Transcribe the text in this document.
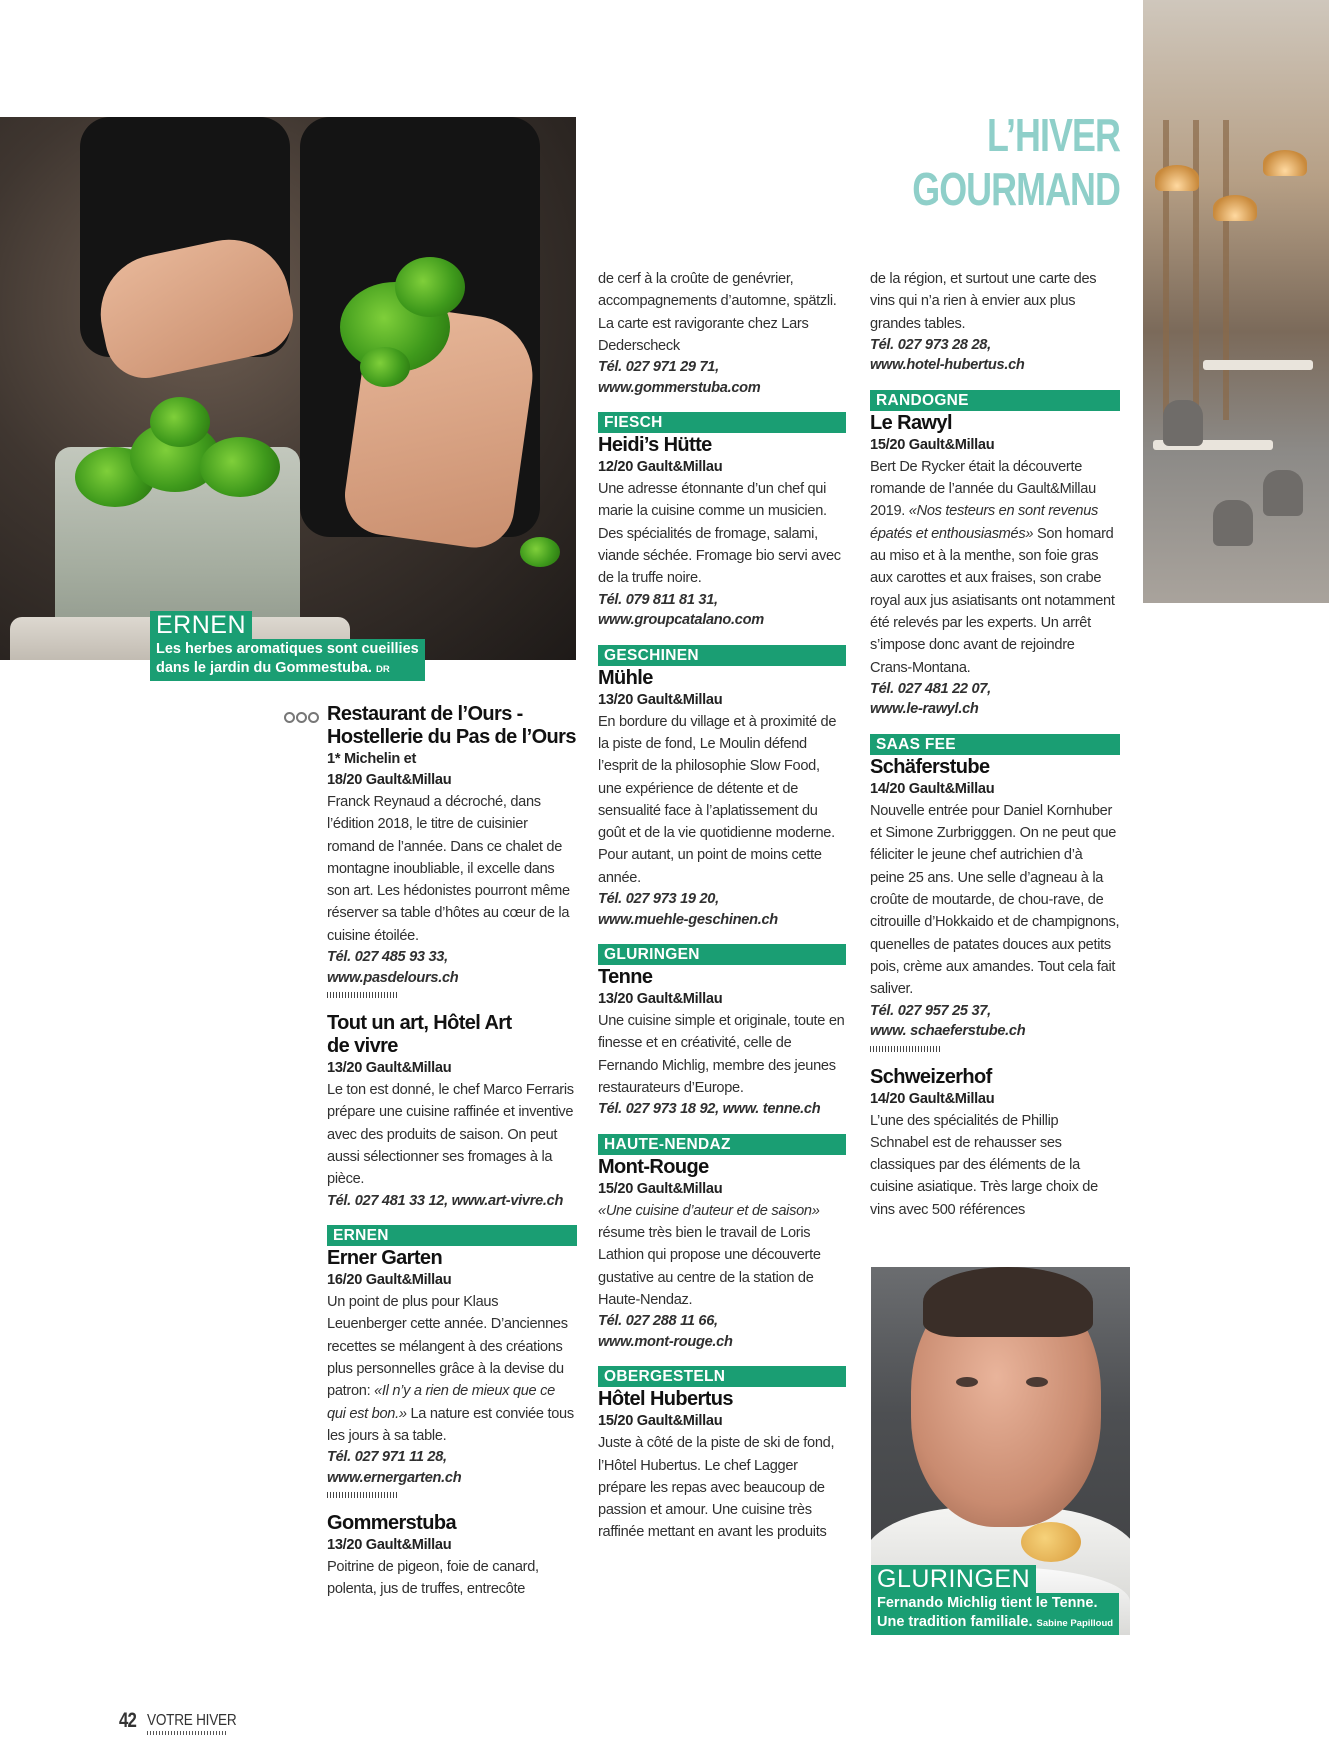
L’HIVER GOURMAND
ERNEN
Les herbes aromatiques sont cueillies
dans le jardin du Gommestuba. DR
GLURINGEN
Fernando Michlig tient le Tenne.
Une tradition familiale. Sabine Papilloud
Restaurant de l’Ours -
Hostellerie du Pas de l’Ours
1* Michelin et
18/20 Gault&Millau
Franck Reynaud a décroché, dans l’édition 2018, le titre de cuisinier romand de l’année. Dans ce chalet de montagne inoubliable, il excelle dans son art. Les hédonistes pourront même réserver sa table d’hôtes au cœur de la cuisine étoilée.
Tél. 027 485 93 33,
www.pasdelours.ch
Tout un art, Hôtel Art
de vivre
13/20 Gault&Millau
Le ton est donné, le chef Marco Ferraris prépare une cuisine raffinée et inventive avec des produits de saison. On peut aussi sélectionner ses fromages à la pièce.
Tél. 027 481 33 12, www.art-vivre.ch
ERNEN
Erner Garten
16/20 Gault&Millau
Un point de plus pour Klaus Leuenberger cette année. D’anciennes recettes se mélangent à des créations plus personnelles grâce à la devise du patron: «Il n’y a rien de mieux que ce qui est bon.» La nature est conviée tous les jours à sa table.
Tél. 027 971 11 28,
www.ernergarten.ch
Gommerstuba
13/20 Gault&Millau
Poitrine de pigeon, foie de canard, polenta, jus de truffes, entrecôte
de cerf à la croûte de genévrier, accompagnements d’automne, spätzli. La carte est ravigorante chez Lars Dederscheck
Tél. 027 971 29 71,
www.gommerstuba.com
FIESCH
Heidi’s Hütte
12/20 Gault&Millau
Une adresse étonnante d’un chef qui marie la cuisine comme un musicien. Des spécialités de fromage, salami, viande séchée. Fromage bio servi avec de la truffe noire.
Tél. 079 811 81 31,
www.groupcatalano.com
GESCHINEN
Mühle
13/20 Gault&Millau
En bordure du village et à proximité de la piste de fond, Le Moulin défend l’esprit de la philosophie Slow Food, une expérience de détente et de sensualité face à l’aplatissement du goût et de la vie quotidienne moderne. Pour autant, un point de moins cette année.
Tél. 027 973 19 20,
www.muehle-geschinen.ch
GLURINGEN
Tenne
13/20 Gault&Millau
Une cuisine simple et originale, toute en finesse et en créativité, celle de Fernando Michlig, membre des jeunes restaurateurs d’Europe.
Tél. 027 973 18 92, www. tenne.ch
HAUTE-NENDAZ
Mont-Rouge
15/20 Gault&Millau
«Une cuisine d’auteur et de saison» résume très bien le travail de Loris Lathion qui propose une découverte gustative au centre de la station de Haute-Nendaz.
Tél. 027 288 11 66,
www.mont-rouge.ch
OBERGESTELN
Hôtel Hubertus
15/20 Gault&Millau
Juste à côté de la piste de ski de fond, l’Hôtel Hubertus. Le chef Lagger prépare les repas avec beaucoup de passion et amour. Une cuisine très raffinée mettant en avant les produits
de la région, et surtout une carte des vins qui n’a rien à envier aux plus grandes tables.
Tél. 027 973 28 28,
www.hotel-hubertus.ch
RANDOGNE
Le Rawyl
15/20 Gault&Millau
Bert De Rycker était la découverte romande de l’année du Gault&Millau 2019. «Nos testeurs en sont revenus épatés et enthousiasmés» Son homard au miso et à la menthe, son foie gras aux carottes et aux fraises, son crabe royal aux jus asiatisants ont notamment été relevés par les experts. Un arrêt s’impose donc avant de rejoindre Crans-Montana.
Tél. 027 481 22 07,
www.le-rawyl.ch
SAAS FEE
Schäferstube
14/20 Gault&Millau
Nouvelle entrée pour Daniel Kornhuber et Simone Zurbrigggen. On ne peut que féliciter le jeune chef autrichien d’à peine 25 ans. Une selle d’agneau à la croûte de moutarde, de chou-rave, de citrouille d’Hokkaido et de champignons, quenelles de patates douces aux petits pois, crème aux amandes. Tout cela fait saliver.
Tél. 027 957 25 37,
www. schaeferstube.ch
Schweizerhof
14/20 Gault&Millau
L’une des spécialités de Phillip Schnabel est de rehausser ses classiques par des éléments de la cuisine asiatique. Très large choix de vins avec 500 références
42 VOTRE HIVER
